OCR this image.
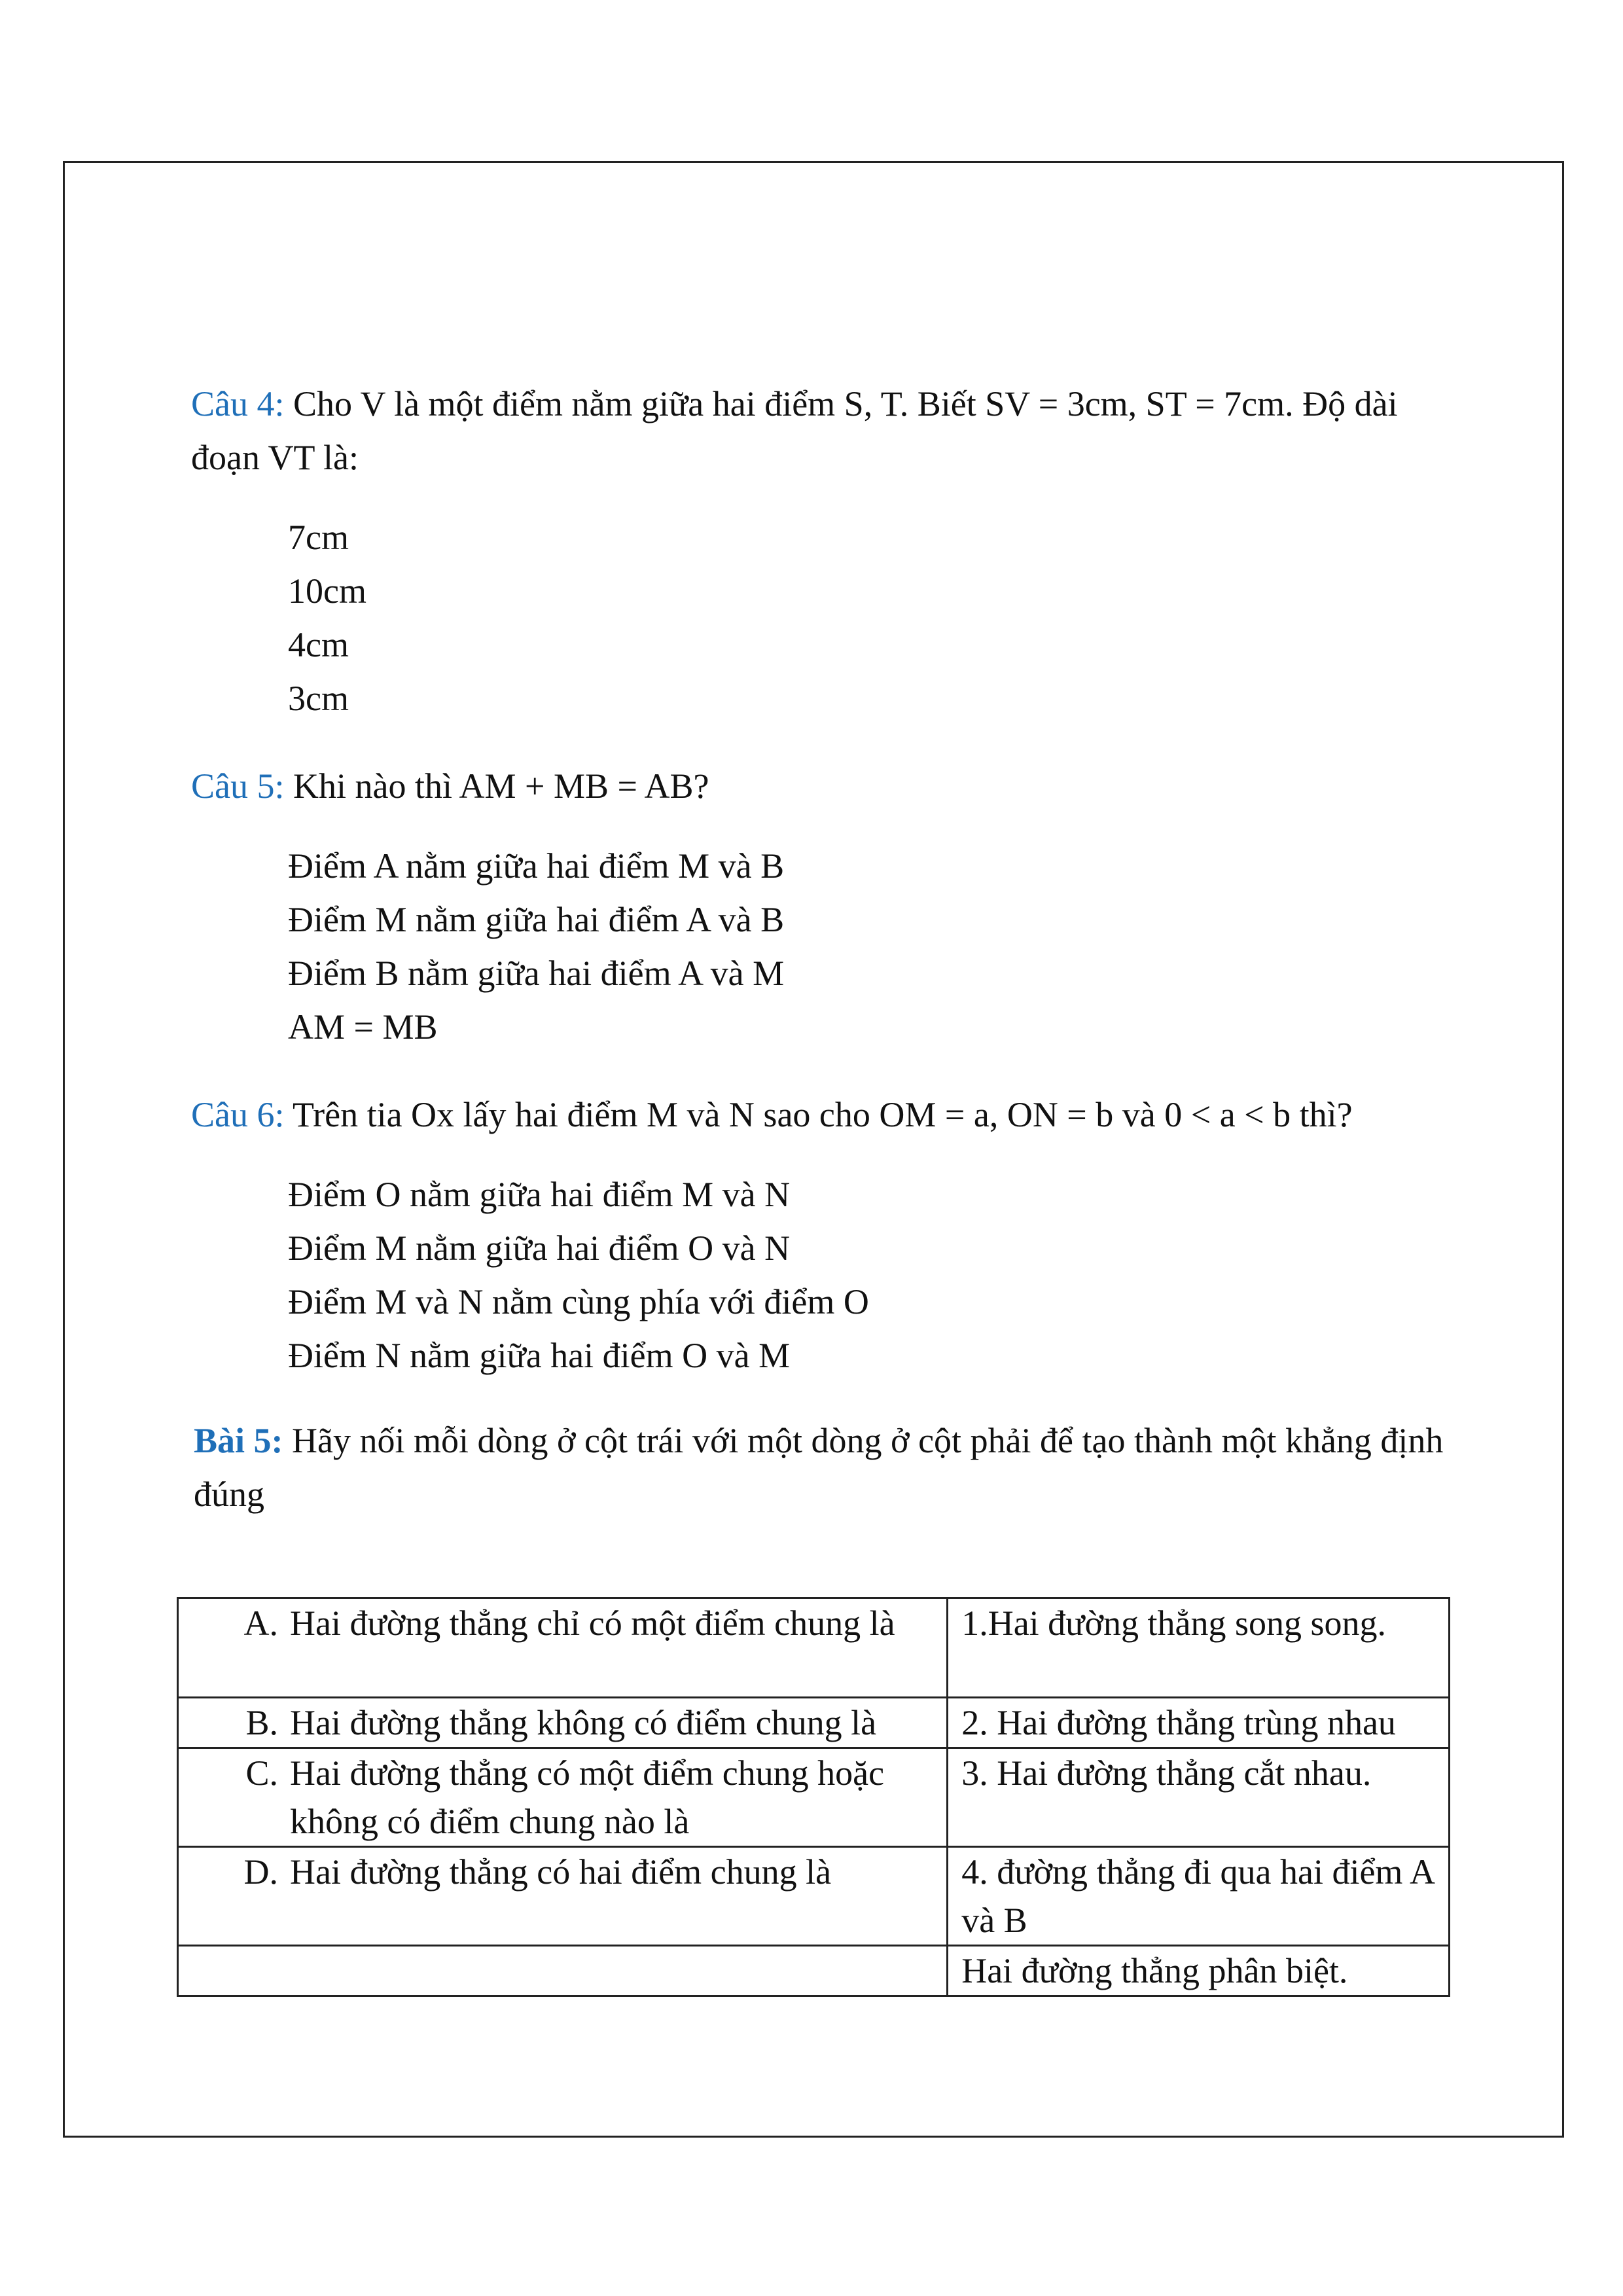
Câu 4: Cho V là một điểm nằm giữa hai điểm S, T. Biết SV = 3cm, ST = 7cm. Độ dài đoạn VT là:

7cm
10cm
4cm
3cm

Câu 5: Khi nào thì AM + MB = AB?

Điểm A nằm giữa hai điểm M và B
Điểm M nằm giữa hai điểm A và B
Điểm B nằm giữa hai điểm A và M
AM = MB

Câu 6: Trên tia Ox lấy hai điểm M và N sao cho OM = a, ON = b và 0 < a < b thì?

Điểm O nằm giữa hai điểm M và N
Điểm M nằm giữa hai điểm O và N
Điểm M và N nằm cùng phía với điểm O
Điểm N nằm giữa hai điểm O và M

Bài 5: Hãy nối mỗi dòng ở cột trái với một dòng ở cột phải để tạo thành một khẳng định đúng

A. Hai đường thẳng chỉ có một điểm chung là	1.Hai đường thẳng song song.

B. Hai đường thẳng không có điểm chung là	2. Hai đường thẳng trùng nhau

C. Hai đường thẳng có một điểm chung hoặc không có điểm chung nào là	3. Hai đường thẳng cắt nhau.

D. Hai đường thẳng có hai điểm chung là	4. đường thẳng đi qua hai điểm A và B

	Hai đường thẳng phân biệt.
